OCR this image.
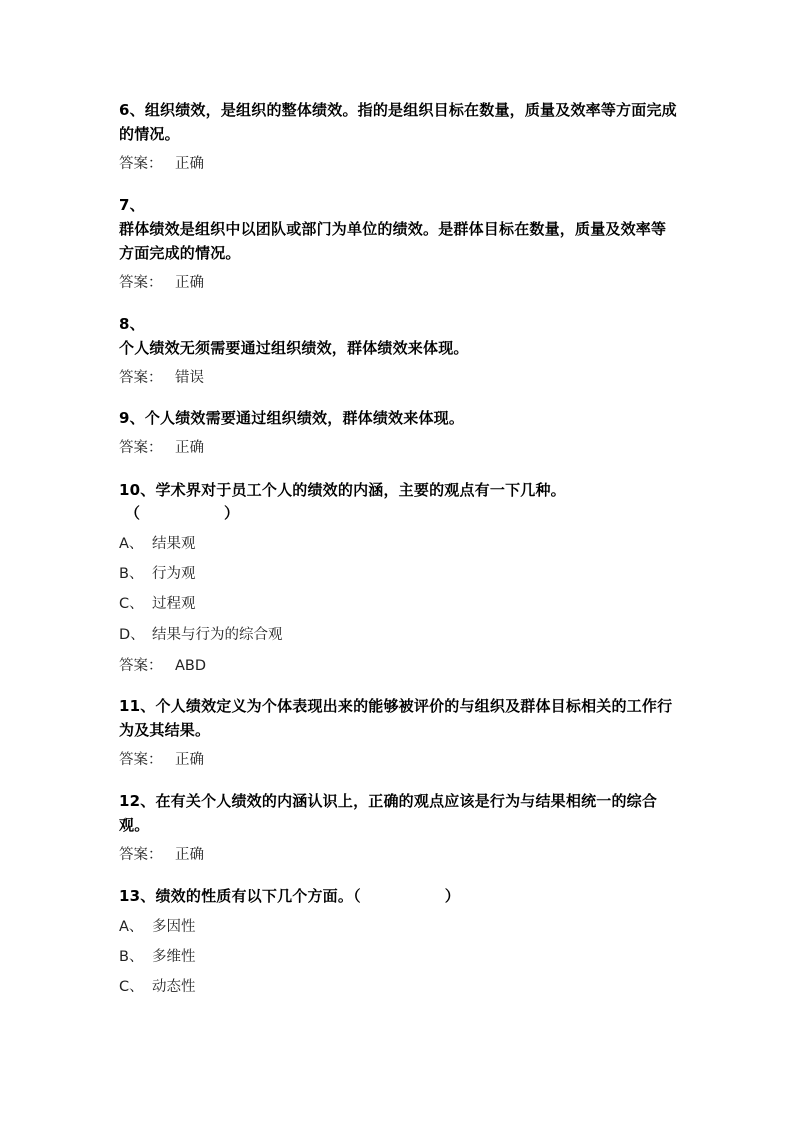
6、组织绩效，是组织的整体绩效。指的是组织目标在数量，质量及效率等方面完成的情况。

答案： 正确

7、

群体绩效是组织中以团队或部门为单位的绩效。是群体目标在数量，质量及效率等方面完成的情况。

答案： 正确

8、

个人绩效无须需要通过组织绩效，群体绩效来体现。

答案： 错误

9、个人绩效需要通过组织绩效，群体绩效来体现。

答案： 正确

10、学术界对于员工个人的绩效的内涵，主要的观点有一下几种。

（	）

A、 结果观

B、 行为观

C、 过程观

D、 结果与行为的综合观

答案： ABD

11、个人绩效定义为个体表现出来的能够被评价的与组织及群体目标相关的工作行为及其结果。

答案： 正确

12、在有关个人绩效的内涵认识上，正确的观点应该是行为与结果相统一的综合观。

答案： 正确

13、绩效的性质有以下几个方面。（	）

A、 多因性

B、 多维性

C、 动态性
